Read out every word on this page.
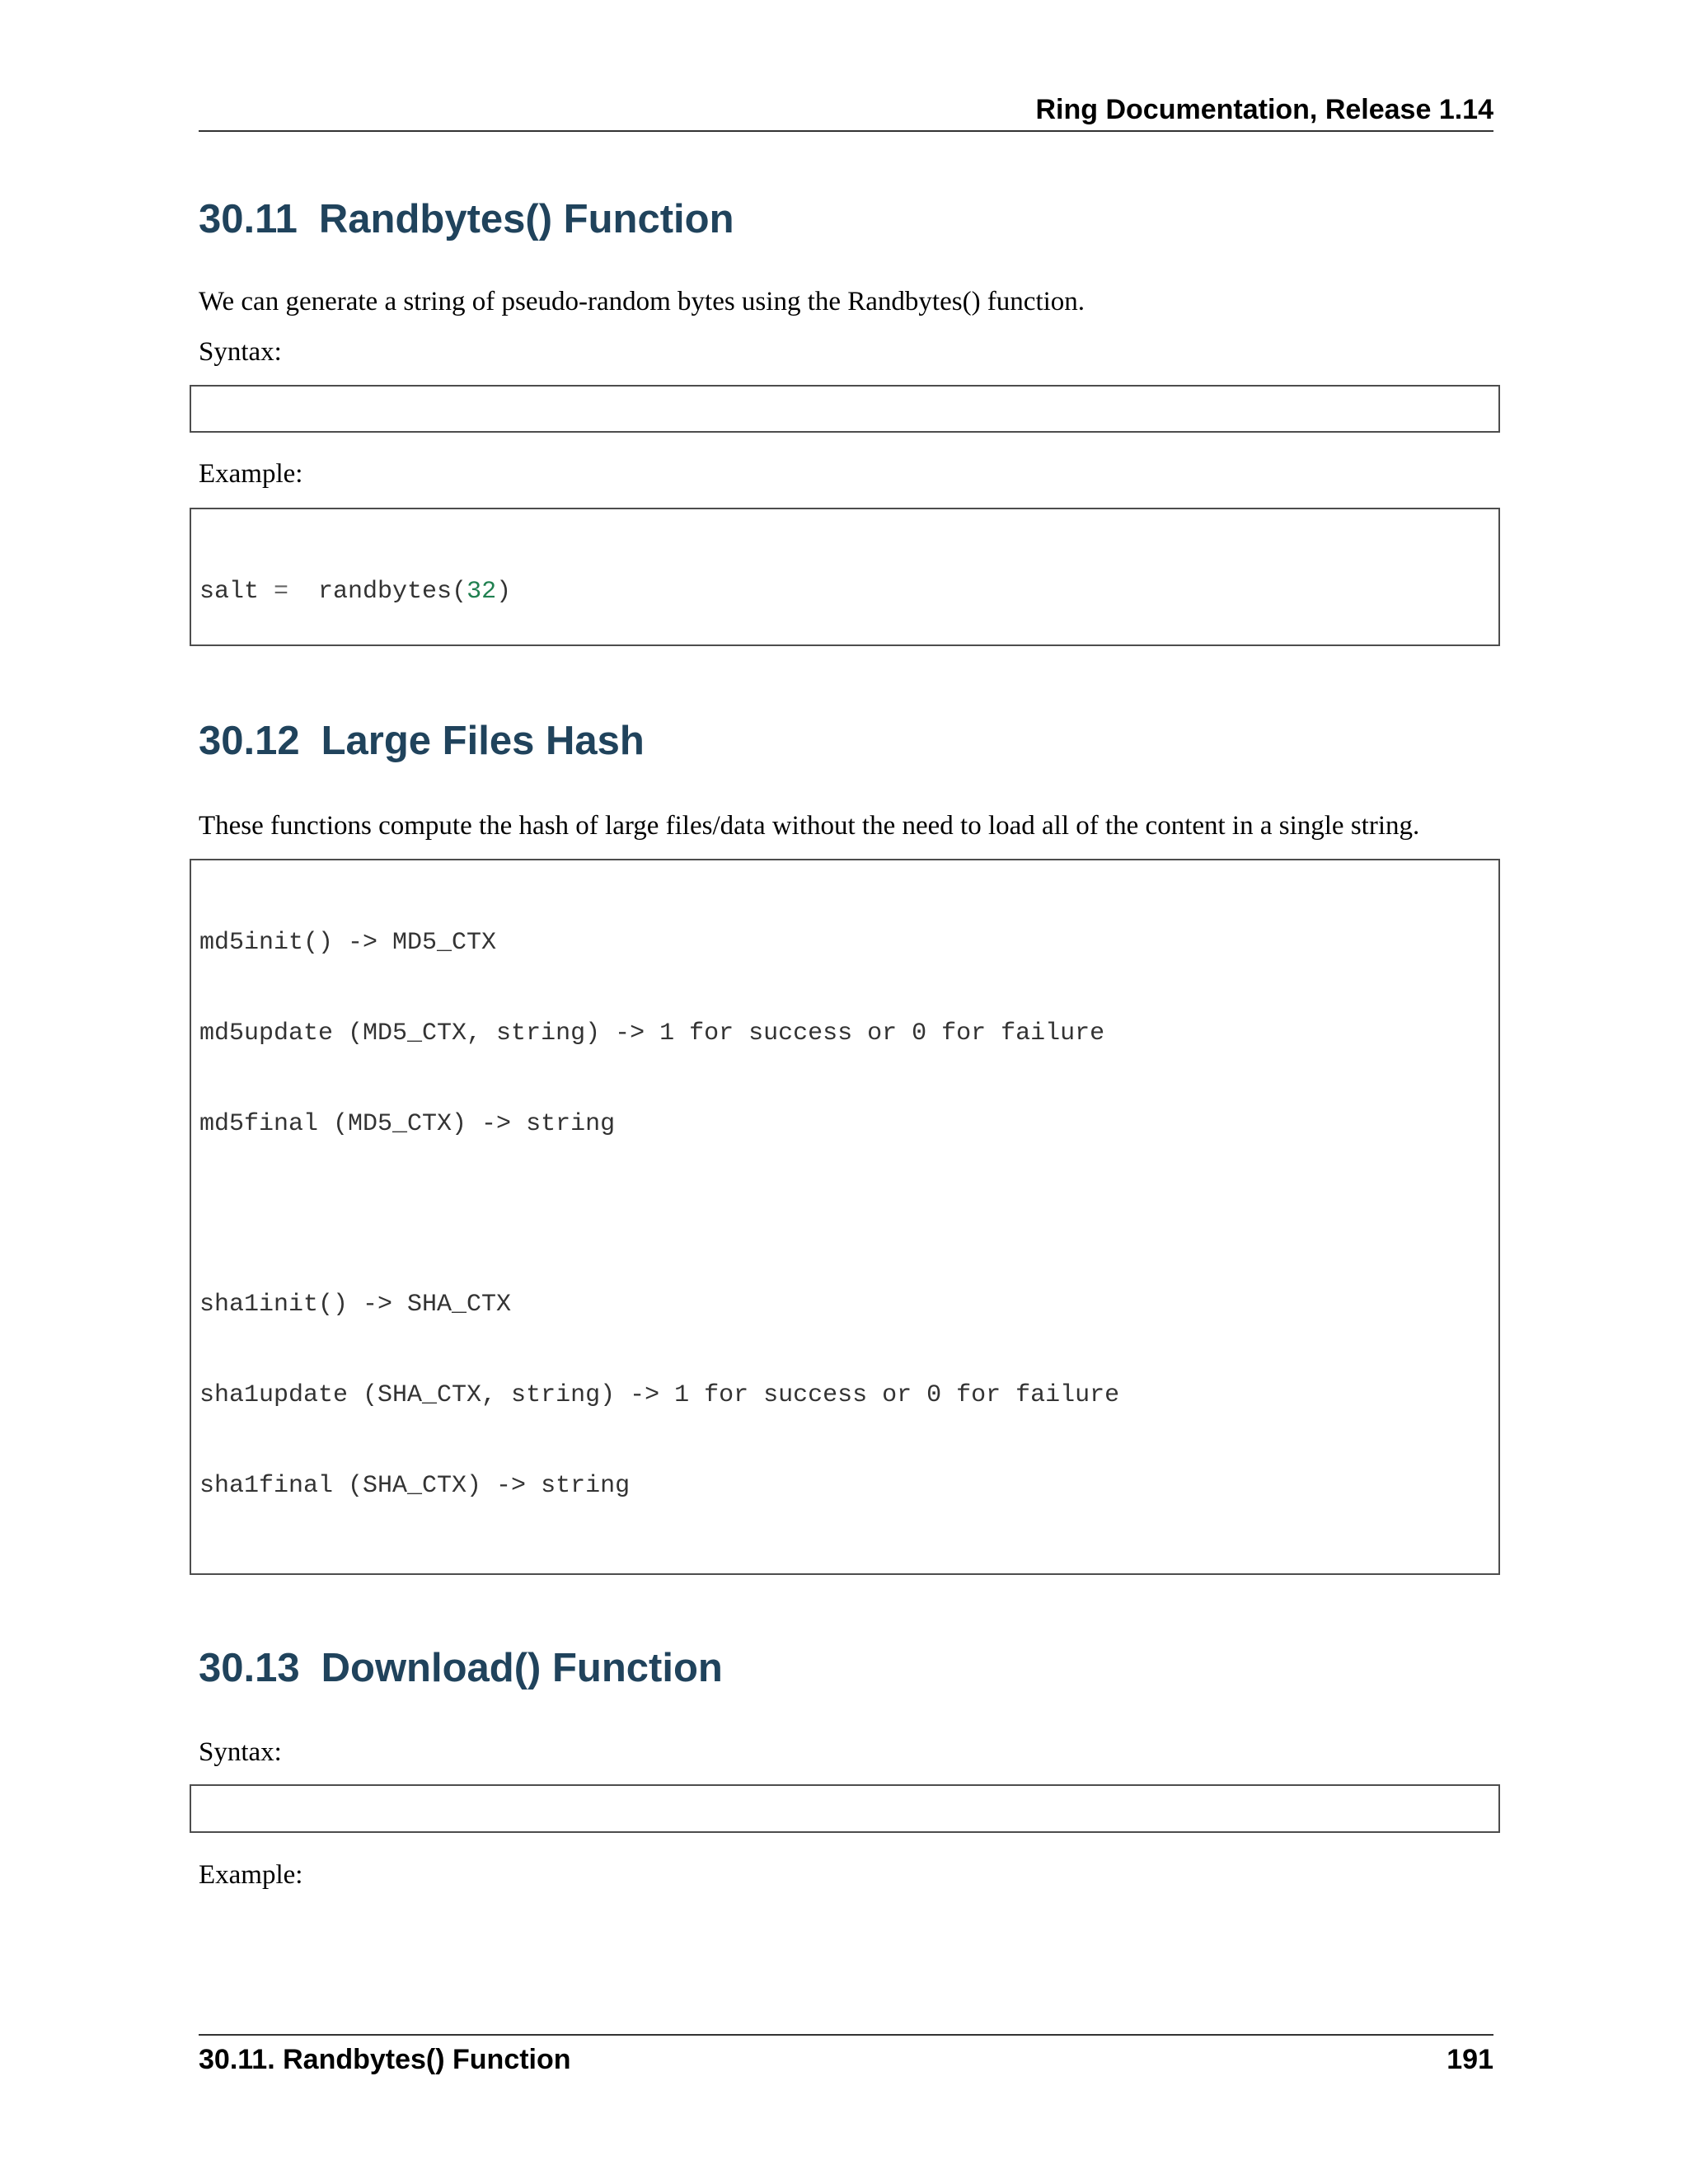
Ring Documentation, Release 1.14
30.11 Randbytes() Function
We can generate a string of pseudo-random bytes using the Randbytes() function.
Syntax:

Example:

salt =  randbytes(32)

30.12 Large Files Hash
These functions compute the hash of large files/data without the need to load all of the content in a single string.

md5init() -> MD5_CTX

md5update (MD5_CTX, string) -> 1 for success or 0 for failure

md5final (MD5_CTX) -> string

sha1init() -> SHA_CTX

sha1update (SHA_CTX, string) -> 1 for success or 0 for failure

sha1final (SHA_CTX) -> string

30.13 Download() Function
Syntax:

Example:
30.11. Randbytes() Function	191
